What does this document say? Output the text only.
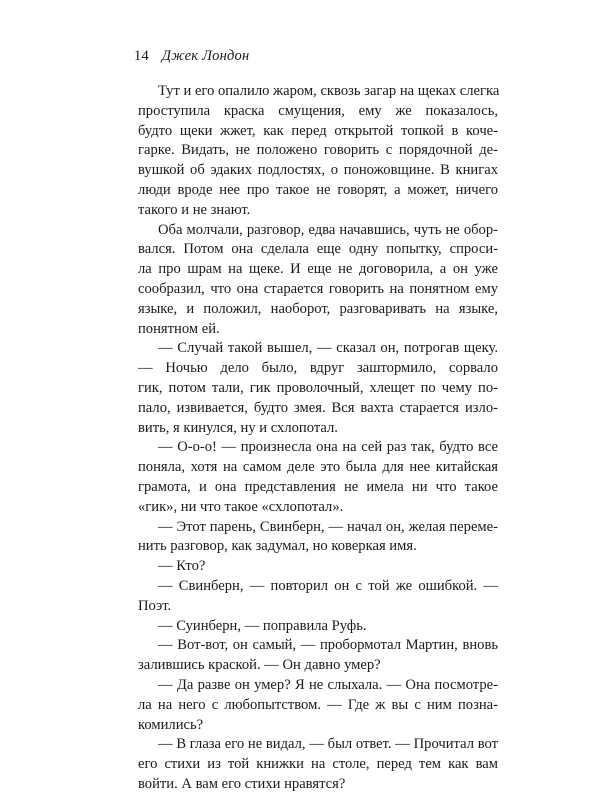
14 Джек Лондон
Тут и его опалило жаром, сквозь загар на щеках слегка
проступила краска смущения, ему же показалось,
будто щеки жжет, как перед открытой топкой в коче-
гарке. Видать, не положено говорить с порядочной де-
вушкой об эдаких подлостях, о поножовщине. В книгах
люди вроде нее про такое не говорят, а может, ничего
такого и не знают.
Оба молчали, разговор, едва начавшись, чуть не обор-
вался. Потом она сделала еще одну попытку, спроси-
ла про шрам на щеке. И еще не договорила, а он уже
сообразил, что она старается говорить на понятном ему
языке, и положил, наоборот, разговаривать на языке,
понятном ей.
— Случай такой вышел, — сказал он, потрогав щеку.
— Ночью дело было, вдруг заштормило, сорвало
гик, потом тали, гик проволочный, хлещет по чему по-
пало, извивается, будто змея. Вся вахта старается изло-
вить, я кинулся, ну и схлопотал.
— О-о-о! — произнесла она на сей раз так, будто все
поняла, хотя на самом деле это была для нее китайская
грамота, и она представления не имела ни что такое
«гик», ни что такое «схлопотал».
— Этот парень, Свинберн, — начал он, желая переме-
нить разговор, как задумал, но коверкая имя.
— Кто?
— Свинберн, — повторил он с той же ошибкой. —
Поэт.
— Суинберн, — поправила Руфь.
— Вот-вот, он самый, — пробормотал Мартин, вновь
залившись краской. — Он давно умер?
— Да разве он умер? Я не слыхала. — Она посмотре-
ла на него с любопытством. — Где ж вы с ним позна-
комились?
— В глаза его не видал, — был ответ. — Прочитал вот
его стихи из той книжки на столе, перед тем как вам
войти. А вам его стихи нравятся?
